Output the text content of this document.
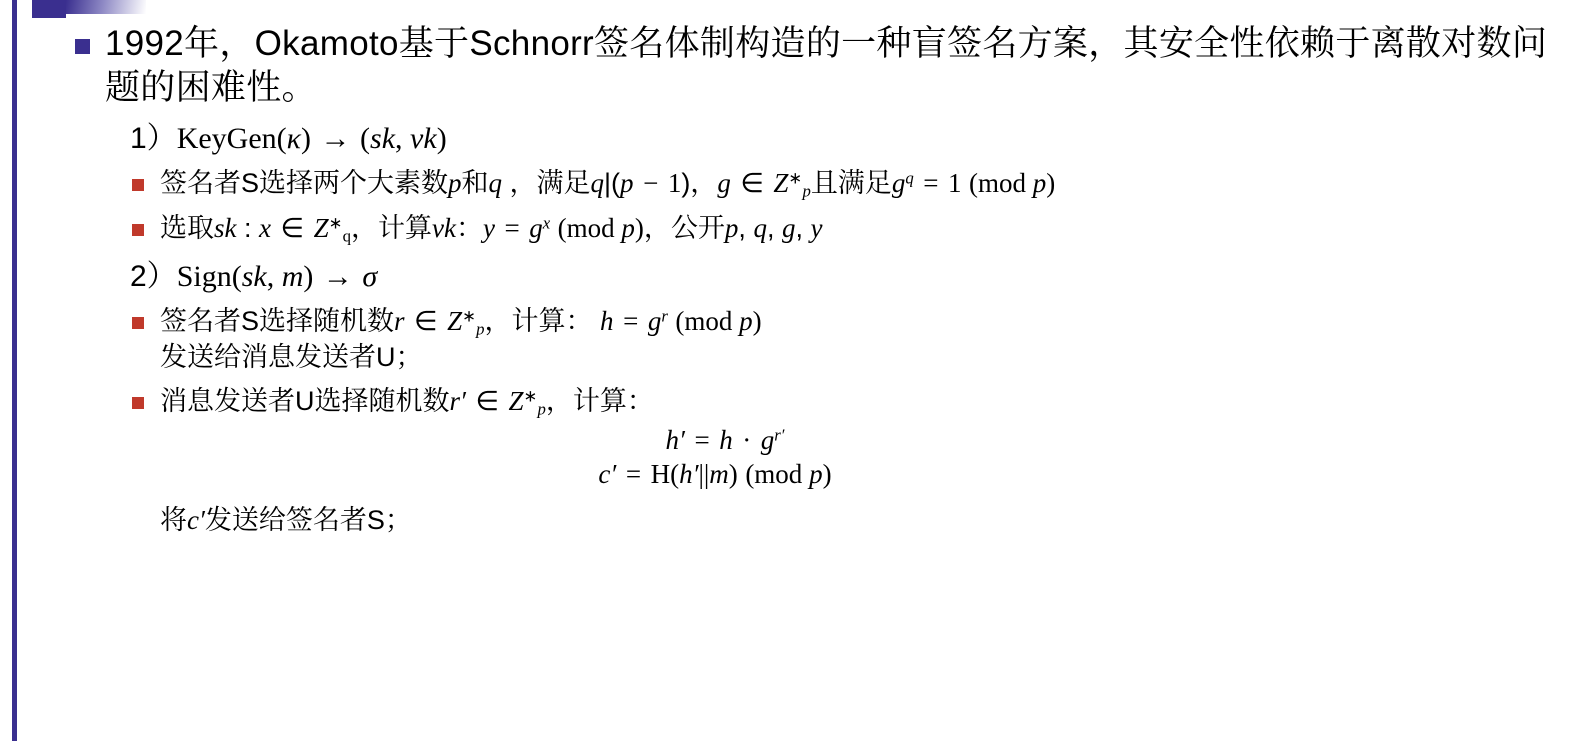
1992年，Okamoto基于Schnorr签名体制构造的一种盲签名方案，其安全性依赖于离散对数问题的困难性。
1）KeyGen(κ) → (sk, vk)
签名者S选择两个大素数p和q ，满足q|(p − 1)，g ∈ $Z^∗_p$且满足$g^q = 1$ (mod p)
选取sk : x ∈ $Z^∗_q$，计算vk：$y = g^x$ (mod p)，公开p, q, g, y
2）Sign(sk, m) → σ
签名者S选择随机数r ∈ $Z^∗_p$，计算： $h = g^r$ (mod p)
发送给消息发送者U；
消息发送者U选择随机数r′ ∈ $Z^∗_p$，计算：
$h' = h \cdot g^{r'}$
c′ = H(h′||m) (mod p)
将c′发送给签名者S；
